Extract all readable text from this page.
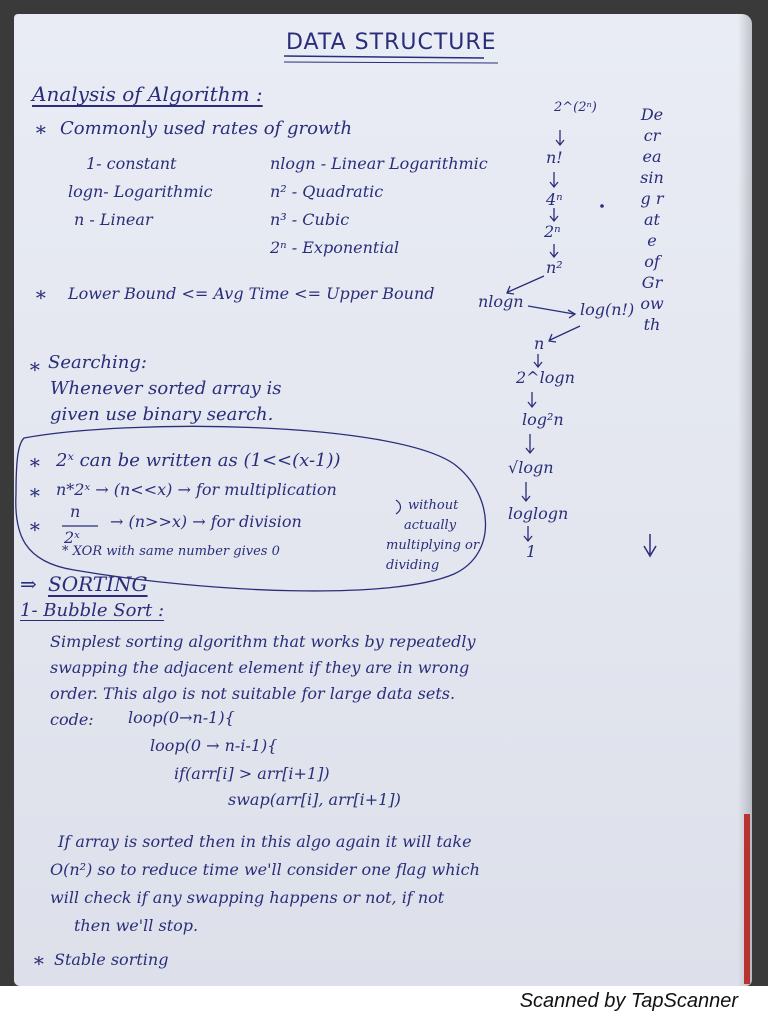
DATA STRUCTURE
Analysis of Algorithm :
∗ Commonly used rates of growth
1- constant
logn- Logarithmic
n - Linear
nlogn - Linear Logarithmic
n² - Quadratic
n³ - Cubic
2ⁿ - Exponential
∗ Lower Bound <= Avg Time <= Upper Bound
2^(2ⁿ)
n!
4ⁿ
2ⁿ
n²
nlogn	log(n!)
n
2^logn
log²n
√logn
loglogn
1
Decreasing rate of Growth
∗ Searching:
Whenever sorted array is
given use binary search.
∗ 2ˣ can be written as (1<<(x-1))
∗ n*2ˣ → (n<<x) → for multiplication
∗
n
2ˣ
→ (n>>x) → for division
without
actually
multiplying or
dividing
* XOR with same number gives 0
⇒ SORTING
1- Bubble Sort :
Simplest sorting algorithm that works by repeatedly
swapping the adjacent element if they are in wrong
order. This algo is not suitable for large data sets.
code: loop(0→n-1){
loop(0 → n-i-1){
if(arr[i] > arr[i+1])
swap(arr[i], arr[i+1])
If array is sorted then in this algo again it will take
O(n²) so to reduce time we'll consider one flag which
will check if any swapping happens or not, if not
then we'll stop.
∗ Stable sorting
Scanned by TapScanner
